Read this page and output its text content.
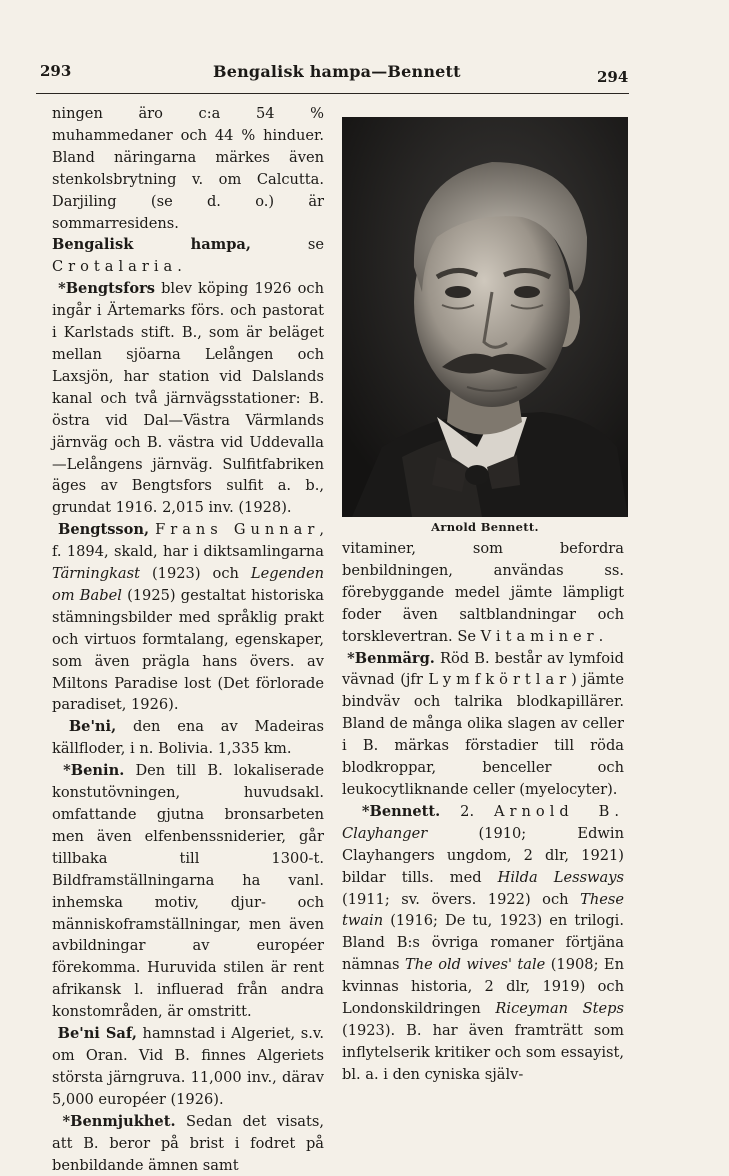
293	Bengalisk hampa—Bennett	294

ningen äro c:a 54 % muhammedaner och 44 % hinduer. Bland näringarna märkes även stenkolsbrytning v. om Calcutta. Darjiling (se d. o.) är sommarresidens.

Bengalisk hampa, se Crotalaria.

*Bengtsfors blev köping 1926 och ingår i Ärtemarks förs. och pastorat i Karlstads stift. B., som är beläget mellan sjöarna Lelången och Laxsjön, har station vid Dalslands kanal och två järnvägsstationer: B. östra vid Dal—Västra Värmlands järnväg och B. västra vid Uddevalla—Lelångens järnväg. Sulfitfabriken äges av Bengtsfors sulfit a. b., grundat 1916. 2,015 inv. (1928).

Bengtsson, Frans Gunnar, f. 1894, skald, har i diktsamlingarna Tärningkast (1923) och Legenden om Babel (1925) gestaltat historiska stämningsbilder med språklig prakt och virtuos formtalang, egenskaper, som även prägla hans övers. av Miltons Paradise lost (Det förlorade paradiset, 1926).

Be'ni, den ena av Madeiras källfloder, i n. Bolivia. 1,335 km.

*Benin. Den till B. lokaliserade konstutövningen, huvudsakl. omfattande gjutna bronsarbeten men även elfenbenssniderier, går tillbaka till 1300-t. Bildframställningarna ha vanl. inhemska motiv, djur- och människoframställningar, men även avbildningar av européer förekomma. Huruvida stilen är rent afrikansk l. influerad från andra konstområden, är omstritt.

Be'ni Saf, hamnstad i Algeriet, s.v. om Oran. Vid B. finnes Algeriets största järngruva. 11,000 inv., därav 5,000 européer (1926).

*Benmjukhet. Sedan det visats, att B. beror på brist i fodret på benbildande ämnen samt

Arnold Bennett.

vitaminer, som befordra benbildningen, användas ss. förebyggande medel jämte lämpligt foder även saltblandningar och torsklevertran. Se Vitaminer.

*Benmärg. Röd B. består av lymfoid vävnad (jfr Lymfkörtlar) jämte bindväv och talrika blodkapillärer. Bland de många olika slagen av celler i B. märkas förstadier till röda blodkroppar, benceller och leukocytliknande celler (myelocyter).

*Bennett. 2. Arnold B. Clayhanger (1910; Edwin Clayhangers ungdom, 2 dlr, 1921) bildar tills. med Hilda Lessways (1911; sv. övers. 1922) och These twain (1916; De tu, 1923) en trilogi. Bland B:s övriga romaner förtjäna nämnas The old wives' tale (1908; En kvinnas historia, 2 dlr, 1919) och Londonskildringen Riceyman Steps (1923). B. har även framträtt som inflytelserik kritiker och som essayist, bl. a. i den cyniska själv-
